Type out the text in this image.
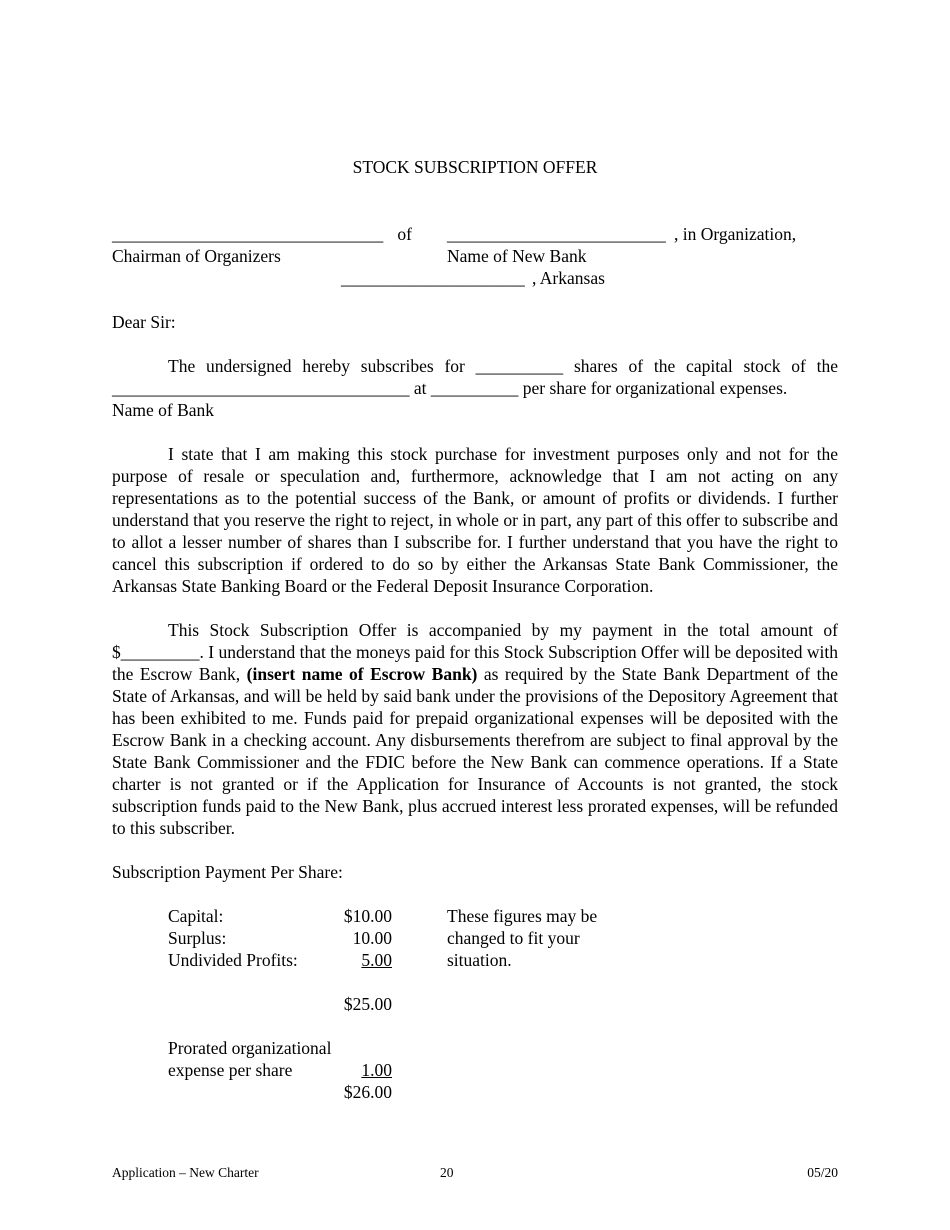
STOCK SUBSCRIPTION OFFER
_______________________________ of _________________________ , in Organization,
Chairman of Organizers	Name of New Bank
_____________________ , Arkansas
Dear Sir:
The undersigned hereby subscribes for __________ shares of the capital stock of the
__________________________________ at __________ per share for organizational expenses.
Name of Bank
I state that I am making this stock purchase for investment purposes only and not for the purpose of resale or speculation and, furthermore, acknowledge that I am not acting on any representations as to the potential success of the Bank, or amount of profits or dividends. I further understand that you reserve the right to reject, in whole or in part, any part of this offer to subscribe and to allot a lesser number of shares than I subscribe for. I further understand that you have the right to cancel this subscription if ordered to do so by either the Arkansas State Bank Commissioner, the Arkansas State Banking Board or the Federal Deposit Insurance Corporation.
This Stock Subscription Offer is accompanied by my payment in the total amount of $_________. I understand that the moneys paid for this Stock Subscription Offer will be deposited with the Escrow Bank, (insert name of Escrow Bank) as required by the State Bank Department of the State of Arkansas, and will be held by said bank under the provisions of the Depository Agreement that has been exhibited to me. Funds paid for prepaid organizational expenses will be deposited with the Escrow Bank in a checking account. Any disbursements therefrom are subject to final approval by the State Bank Commissioner and the FDIC before the New Bank can commence operations. If a State charter is not granted or if the Application for Insurance of Accounts is not granted, the stock subscription funds paid to the New Bank, plus accrued interest less prorated expenses, will be refunded to this subscriber.
Subscription Payment Per Share:
Capital:	$10.00
Surplus:	10.00
Undivided Profits:	5.00
$25.00
Prorated organizational
expense per share	1.00
$26.00
These figures may be
changed to fit your
situation.
Application – New Charter	20	05/20
